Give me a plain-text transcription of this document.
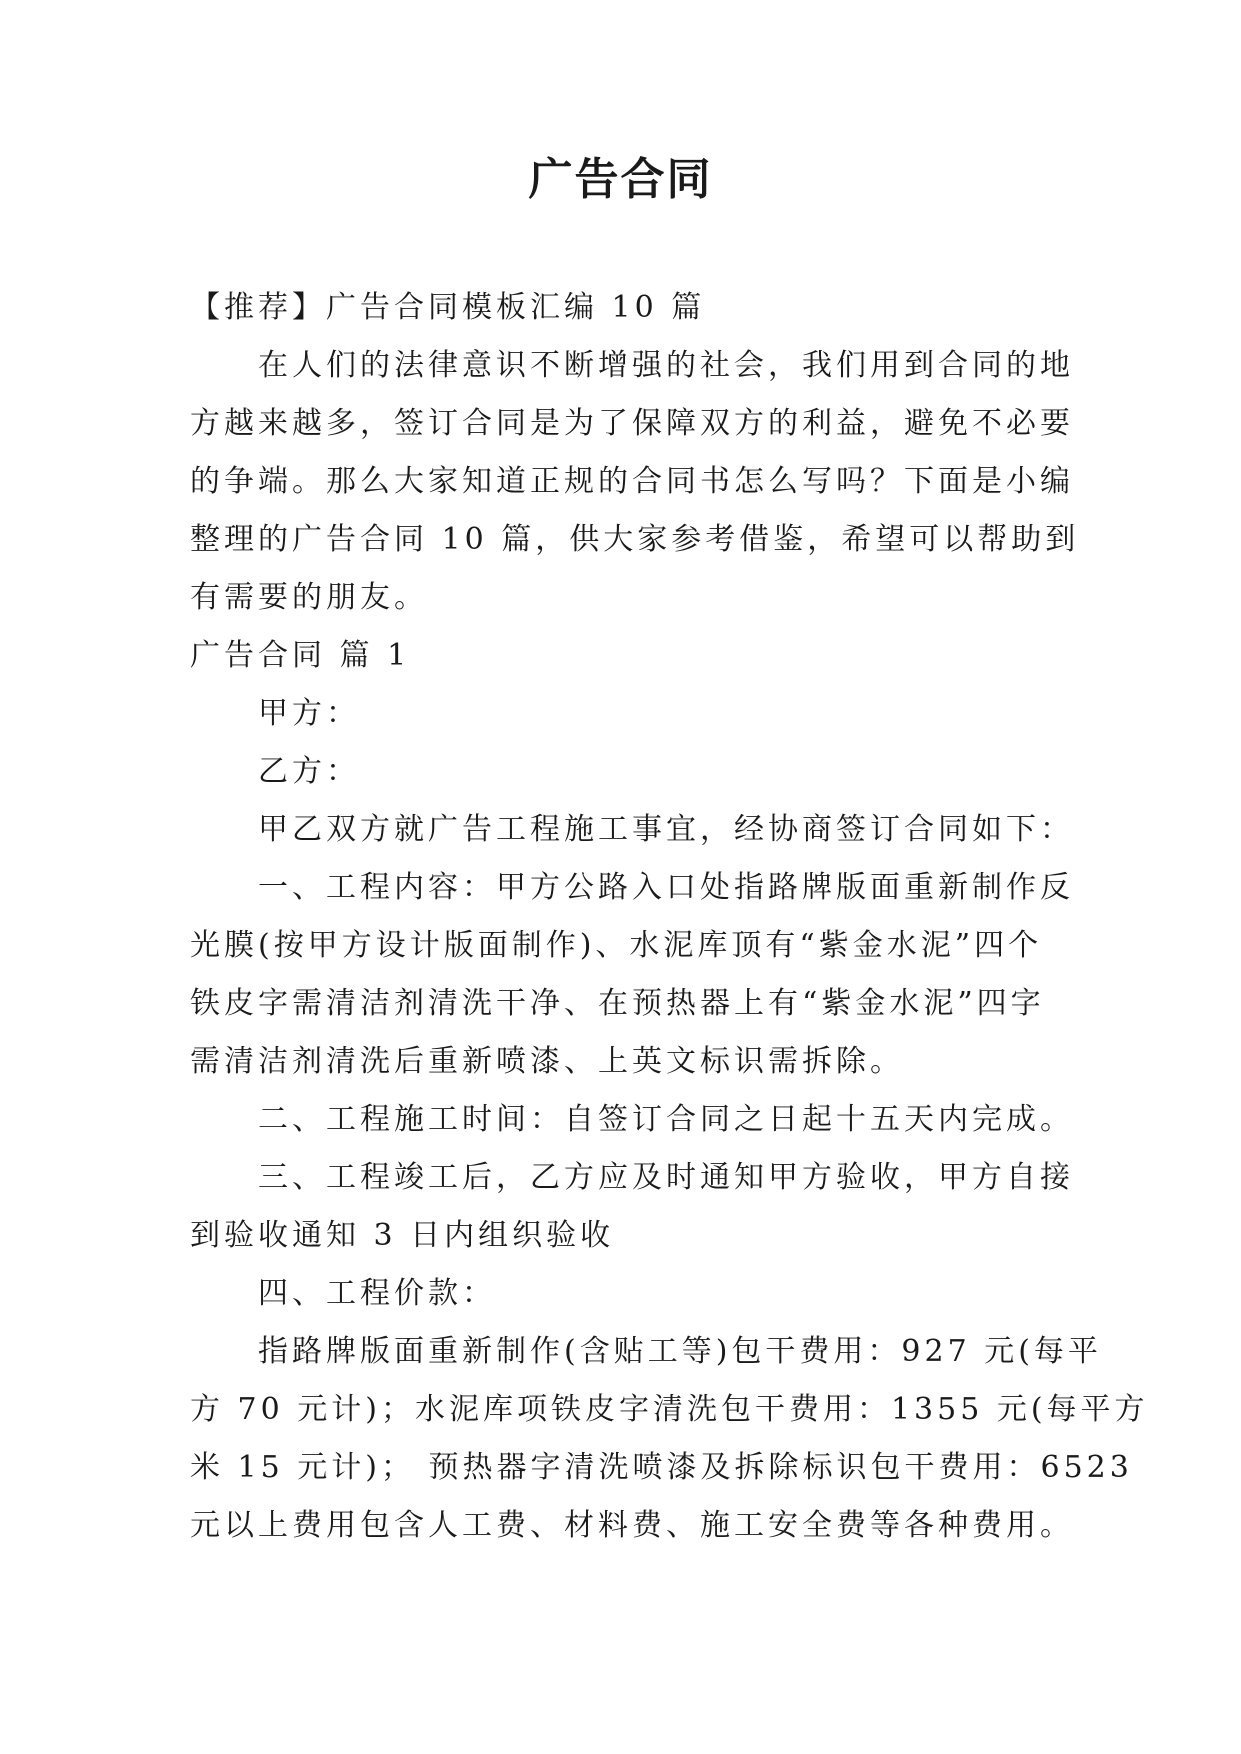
广告合同
【推荐】广告合同模板汇编 10 篇
在人们的法律意识不断增强的社会，我们用到合同的地
方越来越多，签订合同是为了保障双方的利益，避免不必要
的争端。那么大家知道正规的合同书怎么写吗？下面是小编
整理的广告合同 10 篇，供大家参考借鉴，希望可以帮助到
有需要的朋友。
广告合同 篇 1
甲方：
乙方：
甲乙双方就广告工程施工事宜，经协商签订合同如下：
一、工程内容：甲方公路入口处指路牌版面重新制作反
光膜(按甲方设计版面制作)、水泥库顶有“紫金水泥”四个
铁皮字需清洁剂清洗干净、在预热器上有“紫金水泥”四字
需清洁剂清洗后重新喷漆、上英文标识需拆除。
二、工程施工时间：自签订合同之日起十五天内完成。
三、工程竣工后，乙方应及时通知甲方验收，甲方自接
到验收通知 3 日内组织验收
四、工程价款：
指路牌版面重新制作(含贴工等)包干费用：927 元(每平
方 70 元计)；水泥库项铁皮字清洗包干费用：1355 元(每平方
米 15 元计)； 预热器字清洗喷漆及拆除标识包干费用：6523
元以上费用包含人工费、材料费、施工安全费等各种费用。
